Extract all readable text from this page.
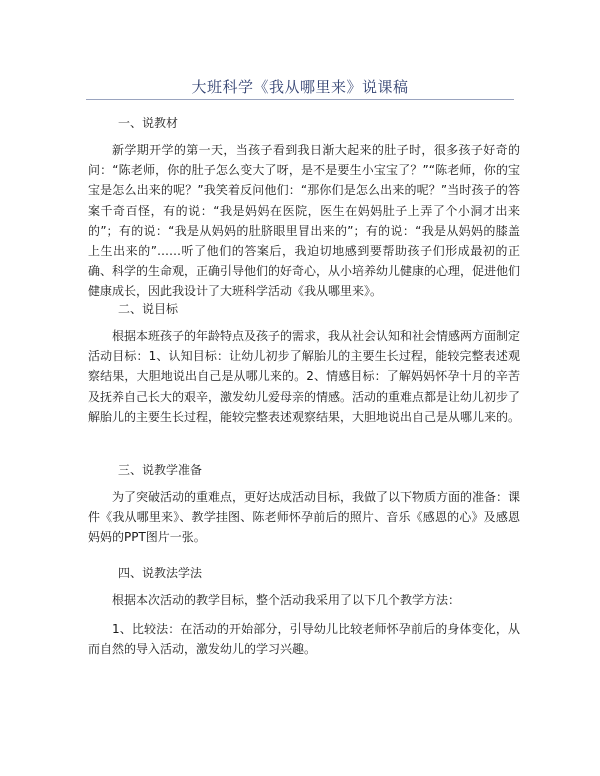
大班科学《我从哪里来》说课稿
一、说教材

新学期开学的第一天，当孩子看到我日渐大起来的肚子时，很多孩子好奇的问：“陈老师，你的肚子怎么变大了呀，是不是要生小宝宝了？”“陈老师，你的宝宝是怎么出来的呢？”我笑着反问他们：“那你们是怎么出来的呢？”当时孩子的答案千奇百怪，有的说：“我是妈妈在医院，医生在妈妈肚子上弄了个小洞才出来的”；有的说：“我是从妈妈的肚脐眼里冒出来的”；有的说：“我是从妈妈的膝盖上生出来的”……听了他们的答案后，我迫切地感到要帮助孩子们形成最初的正确、科学的生命观，正确引导他们的好奇心，从小培养幼儿健康的心理，促进他们健康成长，因此我设计了大班科学活动《我从哪里来》。

二、说目标

根据本班孩子的年龄特点及孩子的需求，我从社会认知和社会情感两方面制定活动目标：1、认知目标：让幼儿初步了解胎儿的主要生长过程，能较完整表述观察结果，大胆地说出自己是从哪儿来的。2、情感目标：了解妈妈怀孕十月的辛苦及抚养自己长大的艰辛，激发幼儿爱母亲的情感。活动的重难点都是让幼儿初步了解胎儿的主要生长过程，能较完整表述观察结果，大胆地说出自己是从哪儿来的。

三、说教学准备

为了突破活动的重难点，更好达成活动目标，我做了以下物质方面的准备：课件《我从哪里来》、教学挂图、陈老师怀孕前后的照片、音乐《感恩的心》及感恩妈妈的PPT图片一张。

四、说教法学法

根据本次活动的教学目标，整个活动我采用了以下几个教学方法：

1、比较法：在活动的开始部分，引导幼儿比较老师怀孕前后的身体变化，从而自然的导入活动，激发幼儿的学习兴趣。
